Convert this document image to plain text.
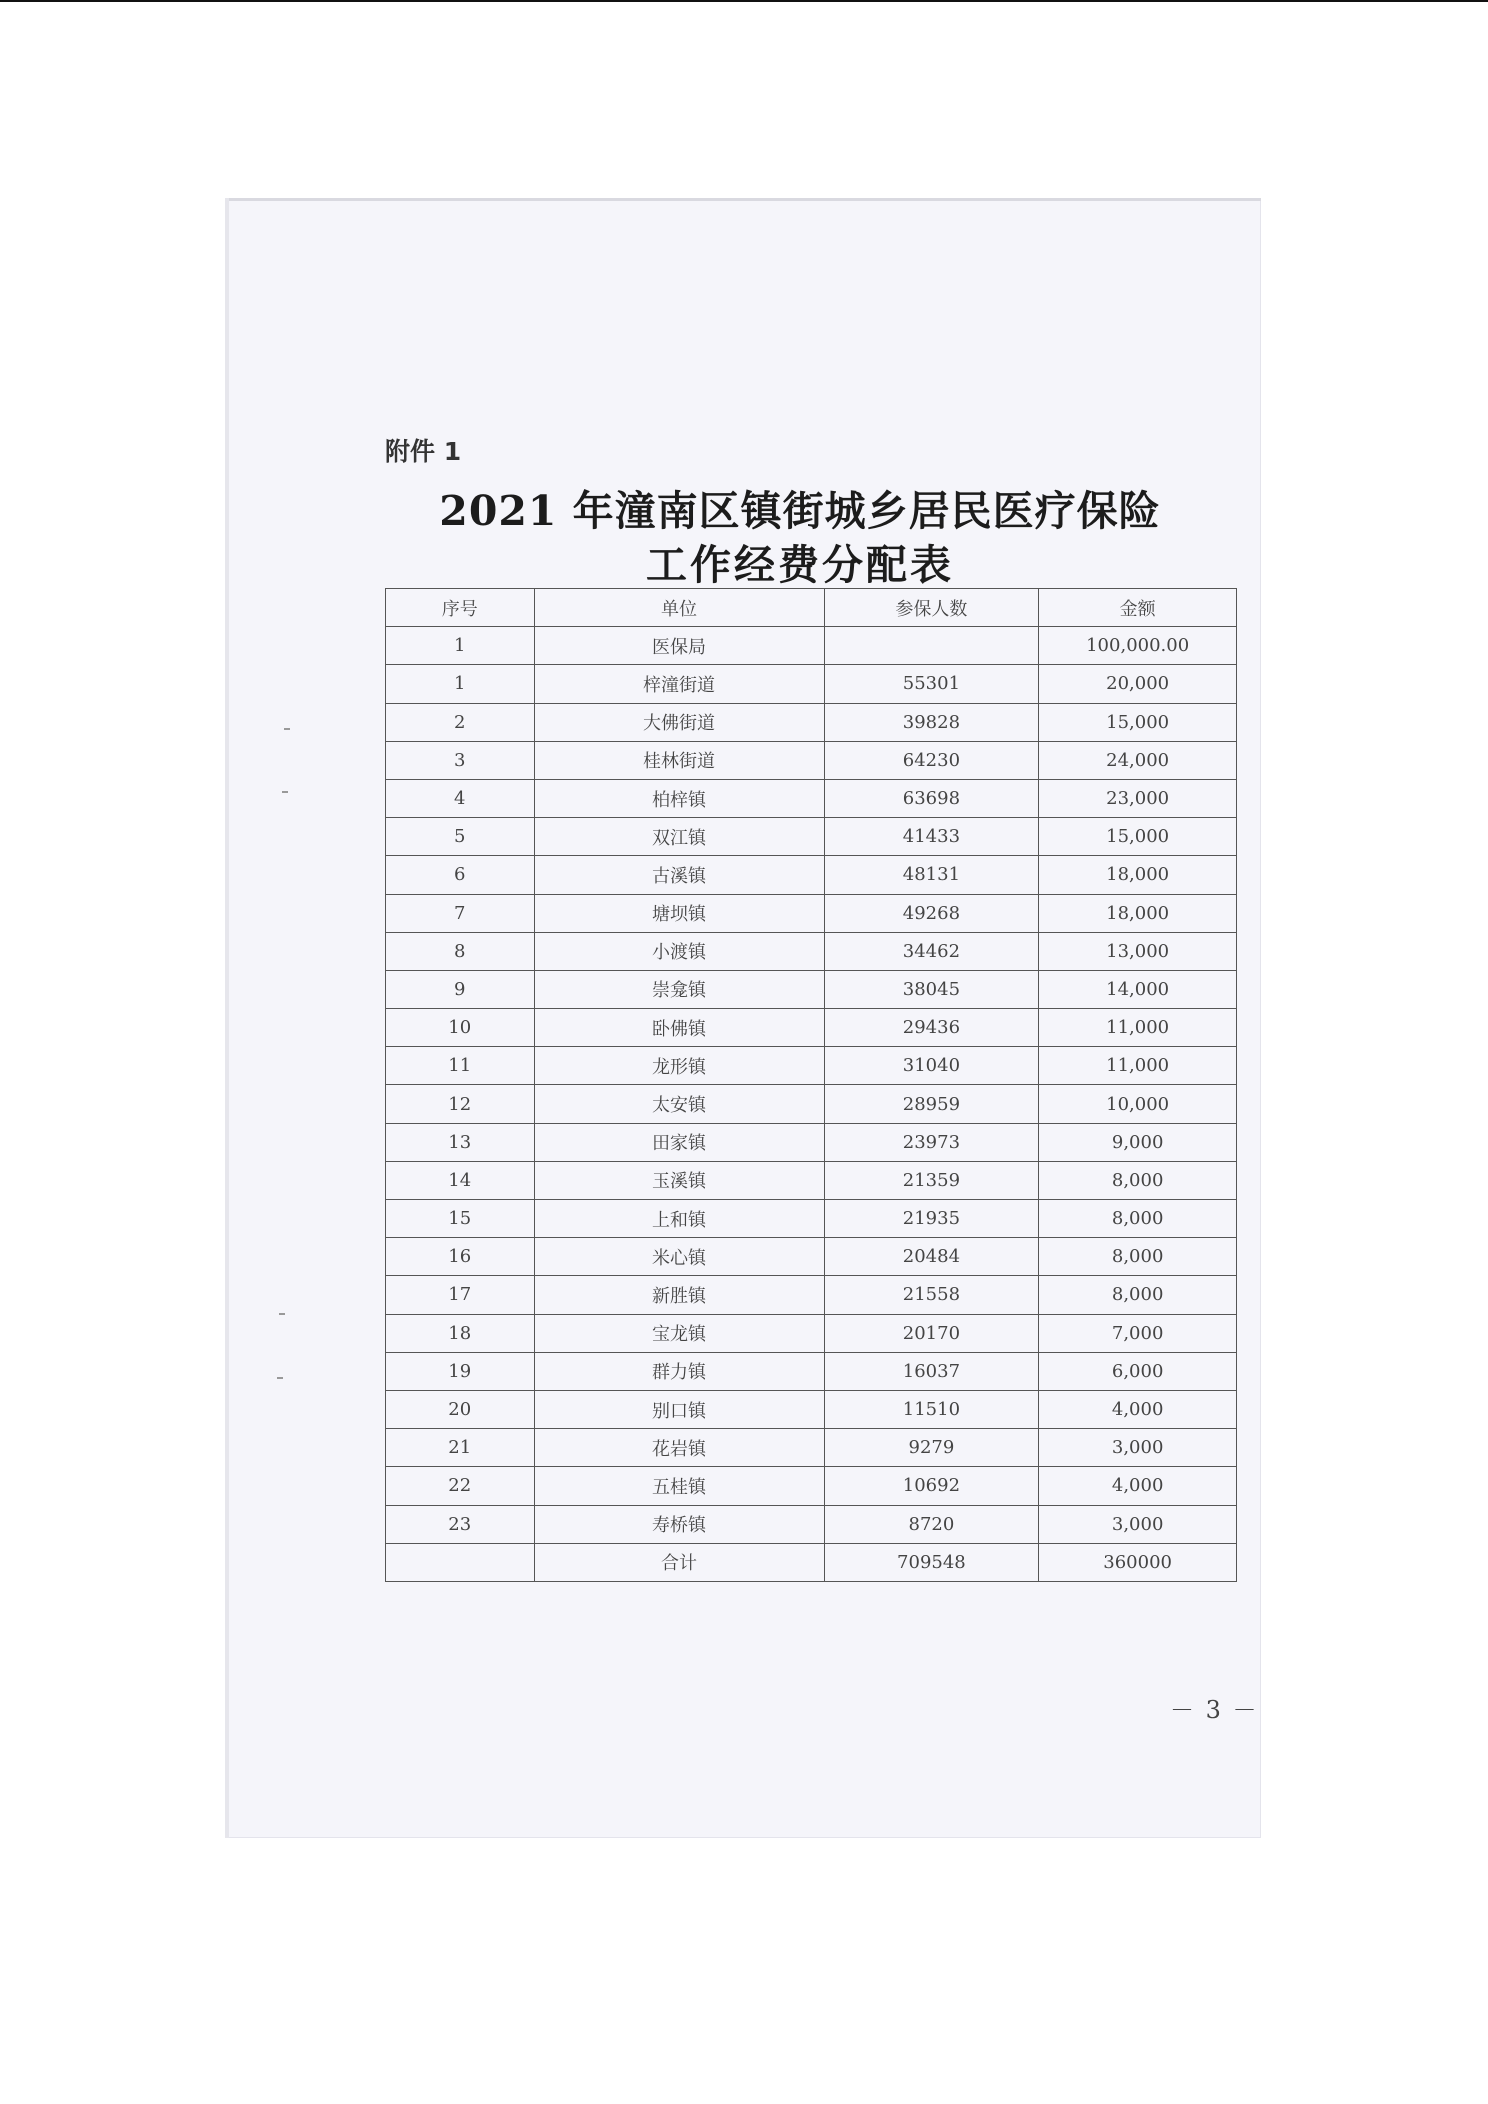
附件 1
2021 年潼南区镇街城乡居民医疗保险
工作经费分配表
序号	单位	参保人数	金额
1	医保局		100,000.00
1	梓潼街道	55301	20,000
2	大佛街道	39828	15,000
3	桂林街道	64230	24,000
4	柏梓镇	63698	23,000
5	双江镇	41433	15,000
6	古溪镇	48131	18,000
7	塘坝镇	49268	18,000
8	小渡镇	34462	13,000
9	崇龛镇	38045	14,000
10	卧佛镇	29436	11,000
11	龙形镇	31040	11,000
12	太安镇	28959	10,000
13	田家镇	23973	9,000
14	玉溪镇	21359	8,000
15	上和镇	21935	8,000
16	米心镇	20484	8,000
17	新胜镇	21558	8,000
18	宝龙镇	20170	7,000
19	群力镇	16037	6,000
20	别口镇	11510	4,000
21	花岩镇	9279	3,000
22	五桂镇	10692	4,000
23	寿桥镇	8720	3,000
	合计	709548	360000
－ 3 －
